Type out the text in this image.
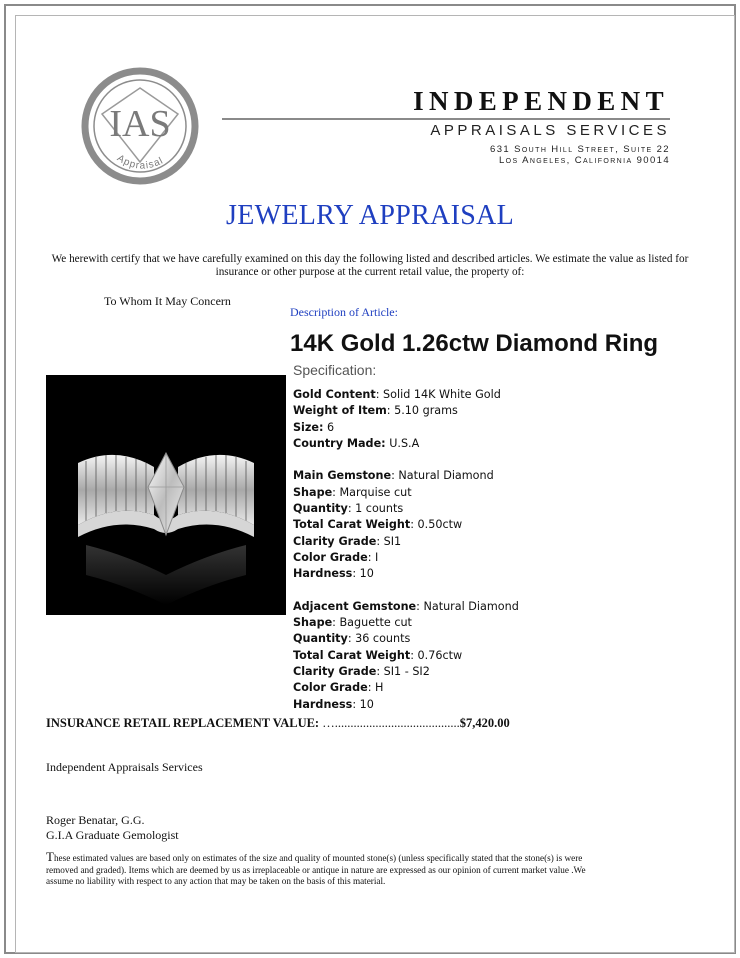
IAS
Appraisal
INDEPENDENT
APPRAISALS SERVICES
631 South Hill Street, Suite 22
Los Angeles, California 90014
JEWELRY APPRAISAL
We herewith certify that we have carefully examined on this day the following listed and described articles. We estimate the value as listed for insurance or other purpose at the current retail value, the property of:
To Whom It May Concern
Description of Article:
14K Gold 1.26ctw Diamond Ring
Specification:
Gold Content: Solid 14K White Gold
Weight of Item: 5.10 grams
Size: 6
Country Made: U.S.A
Main Gemstone: Natural Diamond
Shape: Marquise cut
Quantity: 1 counts
Total Carat Weight: 0.50ctw
Clarity Grade: SI1
Color Grade: I
Hardness: 10
Adjacent Gemstone: Natural Diamond
Shape: Baguette cut
Quantity: 36 counts
Total Carat Weight: 0.76ctw
Clarity Grade: SI1 - SI2
Color Grade: H
Hardness: 10
INSURANCE RETAIL REPLACEMENT VALUE: …........................................$7,420.00
Independent Appraisals Services
Roger Benatar, G.G.
G.I.A Graduate Gemologist
These estimated values are based only on estimates of the size and quality of mounted stone(s) (unless specifically stated that the stone(s) is were removed and graded). Items which are deemed by us as irreplaceable or antique in nature are expressed as our opinion of current market value .We assume no liability with respect to any action that may be taken on the basis of this material.
